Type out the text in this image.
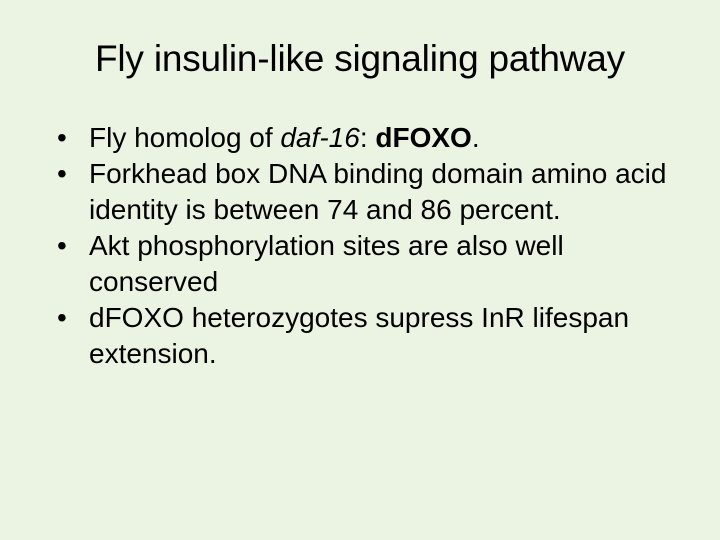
Fly insulin-like signaling pathway
• Fly homolog of daf-16: dFOXO.
• Forkhead box DNA binding domain amino acid identity is between 74 and 86 percent.
• Akt phosphorylation sites are also well conserved
• dFOXO heterozygotes supress InR lifespan extension.
